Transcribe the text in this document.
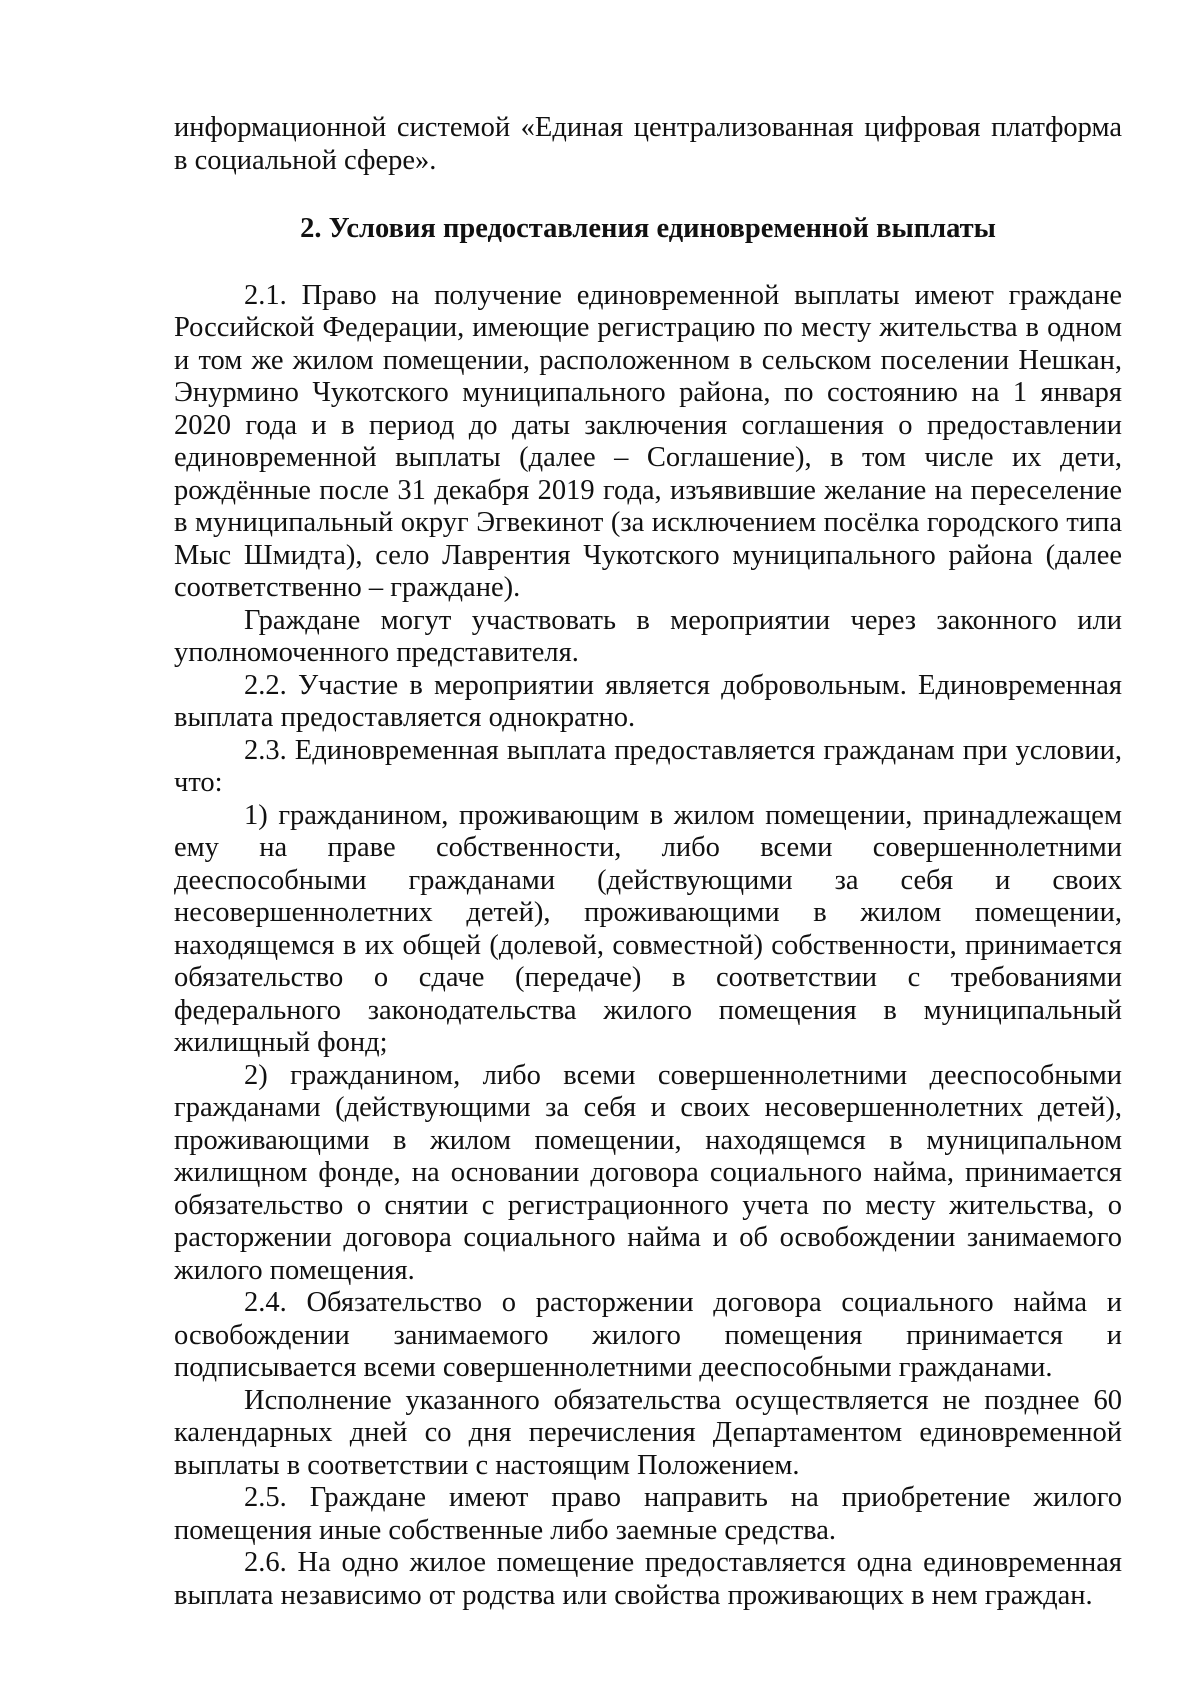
информационной системой «Единая централизованная цифровая платформа в социальной сфере».

2. Условия предоставления единовременной выплаты

2.1. Право на получение единовременной выплаты имеют граждане Российской Федерации, имеющие регистрацию по месту жительства в одном и том же жилом помещении, расположенном в сельском поселении Нешкан, Энурмино Чукотского муниципального района, по состоянию на 1 января 2020 года и в период до даты заключения соглашения о предоставлении единовременной выплаты (далее – Соглашение), в том числе их дети, рождённые после 31 декабря 2019 года, изъявившие желание на переселение в муниципальный округ Эгвекинот (за исключением посёлка городского типа Мыс Шмидта), село Лаврентия Чукотского муниципального района (далее соответственно – граждане).

Граждане могут участвовать в мероприятии через законного или уполномоченного представителя.

2.2. Участие в мероприятии является добровольным. Единовременная выплата предоставляется однократно.

2.3. Единовременная выплата предоставляется гражданам при условии, что:

1) гражданином, проживающим в жилом помещении, принадлежащем ему на праве собственности, либо всеми совершеннолетними дееспособными гражданами (действующими за себя и своих несовершеннолетних детей), проживающими в жилом помещении, находящемся в их общей (долевой, совместной) собственности, принимается обязательство о сдаче (передаче) в соответствии с требованиями федерального законодательства жилого помещения в муниципальный жилищный фонд;

2) гражданином, либо всеми совершеннолетними дееспособными гражданами (действующими за себя и своих несовершеннолетних детей), проживающими в жилом помещении, находящемся в муниципальном жилищном фонде, на основании договора социального найма, принимается обязательство о снятии с регистрационного учета по месту жительства, о расторжении договора социального найма и об освобождении занимаемого жилого помещения.

2.4. Обязательство о расторжении договора социального найма и освобождении занимаемого жилого помещения принимается и подписывается всеми совершеннолетними дееспособными гражданами.

Исполнение указанного обязательства осуществляется не позднее 60 календарных дней со дня перечисления Департаментом единовременной выплаты в соответствии с настоящим Положением.

2.5. Граждане имеют право направить на приобретение жилого помещения иные собственные либо заемные средства.

2.6. На одно жилое помещение предоставляется одна единовременная выплата независимо от родства или свойства проживающих в нем граждан.
